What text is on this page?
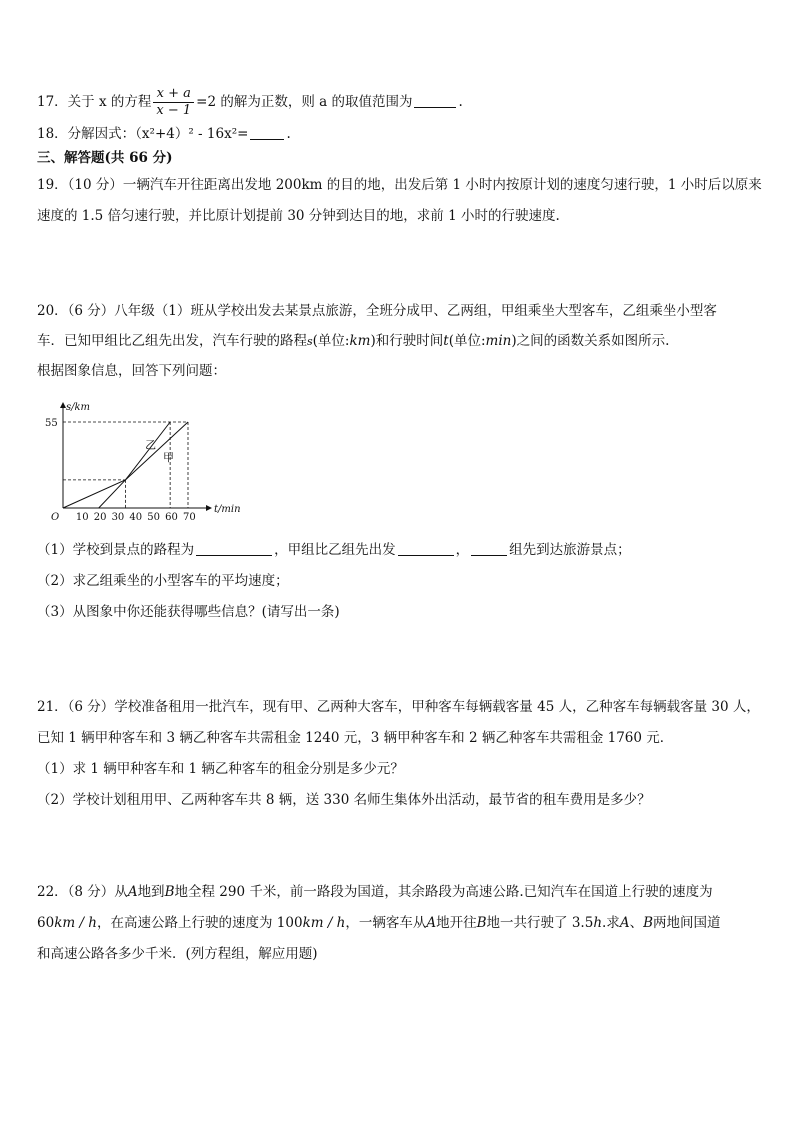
17．关于 x 的方程 $\frac{x + a}{x - 1} =2$ 的解为正数，则 a 的取值范围为	.
18．分解因式：（x²+4）² - 16x²=	.
三、解答题(共 66 分)
19．（10 分）一辆汽车开往距离出发地 200km 的目的地，出发后第 1 小时内按原计划的速度匀速行驶，1 小时后以原来
速度的 1.5 倍匀速行驶，并比原计划提前 30 分钟到达目的地，求前 1 小时的行驶速度.
20．（6 分）八年级（1）班从学校出发去某景点旅游，全班分成甲、乙两组，甲组乘坐大型客车，乙组乘坐小型客
车．已知甲组比乙组先出发，汽车行驶的路程s(单位:km)和行驶时间t(单位:min)之间的函数关系如图所示.
根据图象信息，回答下列问题：
s/km
t/min
O 10 20 30 40 50 60 70
55
乙
甲
（1）学校到景点的路程为	，甲组比乙组先出发	，	组先到达旅游景点；
（2）求乙组乘坐的小型客车的平均速度；
（3）从图象中你还能获得哪些信息？(请写出一条)
21．（6 分）学校准备租用一批汽车，现有甲、乙两种大客车，甲种客车每辆载客量 45 人，乙种客车每辆载客量 30 人，
已知 1 辆甲种客车和 3 辆乙种客车共需租金 1240 元，3 辆甲种客车和 2 辆乙种客车共需租金 1760 元．
（1）求 1 辆甲种客车和 1 辆乙种客车的租金分别是多少元？
（2）学校计划租用甲、乙两种客车共 8 辆，送 330 名师生集体外出活动，最节省的租车费用是多少？
22．（8 分）从A地到B地全程 290 千米，前一路段为国道，其余路段为高速公路.已知汽车在国道上行驶的速度为
60km / h，在高速公路上行驶的速度为 100km / h，一辆客车从A地开往B地一共行驶了 3.5h.求A、B两地间国道
和高速公路各多少千米．(列方程组，解应用题)
